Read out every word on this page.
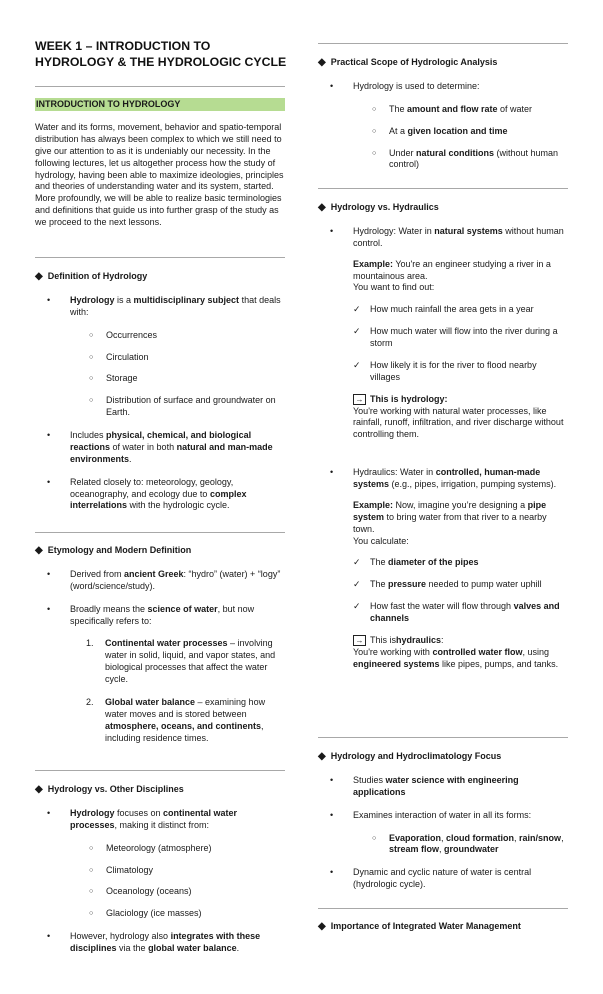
WEEK 1 – INTRODUCTION TO HYDROLOGY & THE HYDROLOGIC CYCLE
INTRODUCTION TO HYDROLOGY

Water and its forms, movement, behavior and spatio-temporal distribution has always been complex to which we still need to give our attention to as it is undeniably our necessity. In the following lectures, let us altogether process how the study of hydrology, having been able to maximize ideologies, principles and theories of understanding water and its system, started. More profoundly, we will be able to realize basic terminologies and definitions that guide us into further grasp of the study as we proceed to the next lessons.

◆ Definition of Hydrology
• Hydrology is a multidisciplinary subject that deals with:
○ Occurrences
○ Circulation
○ Storage
○ Distribution of surface and groundwater on Earth.
• Includes physical, chemical, and biological reactions of water in both natural and man-made environments.
• Related closely to: meteorology, geology, oceanography, and ecology due to complex interrelations with the hydrologic cycle.
◆ Etymology and Modern Definition
• Derived from ancient Greek: “hydro” (water) + “logy” (word/science/study).
• Broadly means the science of water, but now specifically refers to:
1. Continental water processes – involving water in solid, liquid, and vapor states, and biological processes that affect the water cycle.
2. Global water balance – examining how water moves and is stored between atmosphere, oceans, and continents, including residence times.
◆ Hydrology vs. Other Disciplines
• Hydrology focuses on continental water processes, making it distinct from:
○ Meteorology (atmosphere)
○ Climatology
○ Oceanology (oceans)
○ Glaciology (ice masses)
• However, hydrology also integrates with these disciplines via the global water balance.
◆ Practical Scope of Hydrologic Analysis
• Hydrology is used to determine:
○ The amount and flow rate of water
○ At a given location and time
○ Under natural conditions (without human control)
◆ Hydrology vs. Hydraulics
• Hydrology: Water in natural systems without human control.

Example: You're an engineer studying a river in a mountainous area.

You want to find out:

✓ How much rainfall the area gets in a year
✓ How much water will flow into the river during a storm
✓ How likely it is for the river to flood nearby villages
→ This is hydrology:

You're working with natural water processes, like rainfall, runoff, infiltration, and river discharge without controlling them.

• Hydraulics: Water in controlled, human-made systems (e.g., pipes, irrigation, pumping systems).

Example: Now, imagine you’re designing a pipe system to bring water from that river to a nearby town.

You calculate:

✓ The diameter of the pipes
✓ The pressure needed to pump water uphill
✓ How fast the water will flow through valves and channels
→ This is hydraulics :

You're working with controlled water flow, using engineered systems like pipes, pumps, and tanks.

◆ Hydrology and Hydroclimatology Focus
• Studies water science with engineering applications
• Examines interaction of water in all its forms:
○ Evaporation, cloud formation, rain/snow, stream flow, groundwater
• Dynamic and cyclic nature of water is central (hydrologic cycle).
◆ Importance of Integrated Water Management
